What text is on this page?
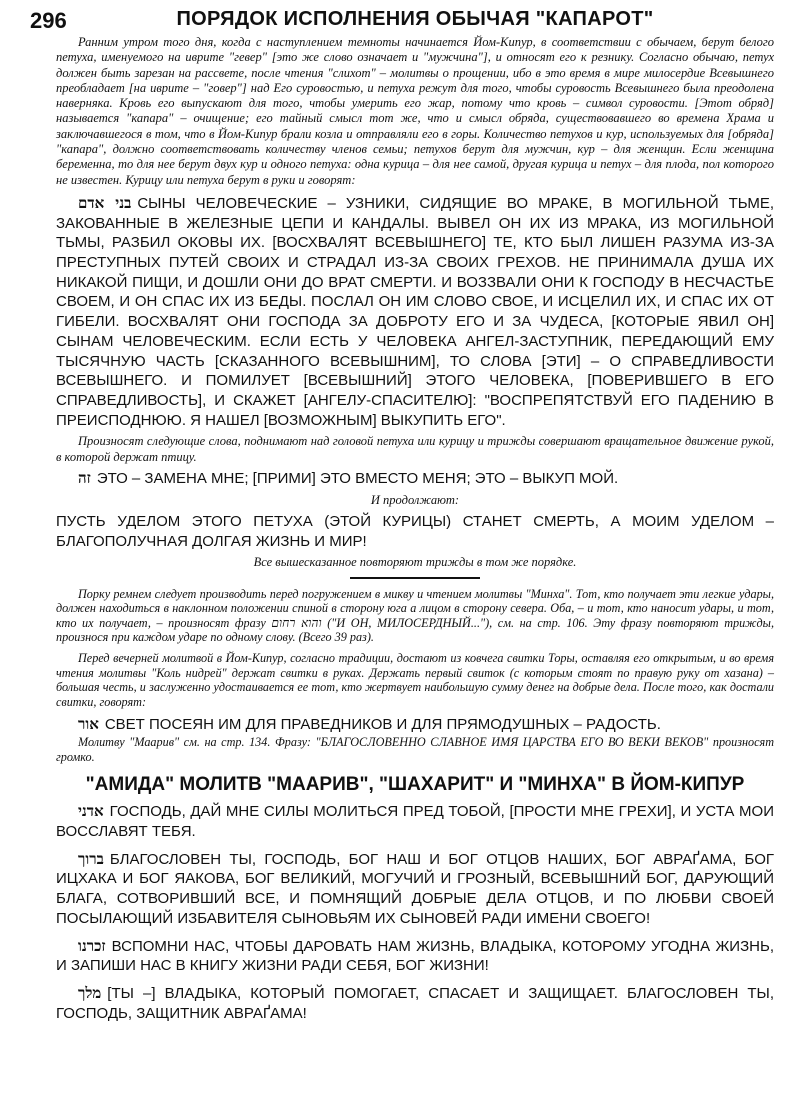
296	ПОРЯДОК ИСПОЛНЕНИЯ ОБЫЧАЯ "КАПАРОТ"

Ранним утром того дня, когда с наступлением темноты начинается Йом-Кипур, в соответствии с обычаем, берут белого петуха, именуемого на иврите "гевер" [это же слово означает и "мужчина"], и относят его к резнику. Согласно обычаю, петух должен быть зарезан на рассвете, после чтения "слихот" – молитвы о прощении, ибо в это время в мире милосердие Всевышнего преобладает [на иврите – "говер"] над Его суровостью, и петуха режут для того, чтобы суровость Всевышнего была преодолена наверняка. Кровь его выпускают для того, чтобы умерить его жар, потому что кровь – символ суровости. [Этот обряд] называется "капара" – очищение; его тайный смысл тот же, что и смысл обряда, существовавшего во времена Храма и заключавшегося в том, что в Йом-Кипур брали козла и отправляли его в горы. Количество петухов и кур, используемых для [обряда] "капара", должно соответствовать количеству членов семьи; петухов берут для мужчин, кур – для женщин. Если женщина беременна, то для нее берут двух кур и одного петуха: одна курица – для нее самой, другая курица и петух – для плода, пол которого не известен. Курицу или петуха берут в руки и говорят:

בני אדם СЫНЫ ЧЕЛОВЕЧЕСКИЕ – УЗНИКИ, СИДЯЩИЕ ВО МРАКЕ, В МОГИЛЬНОЙ ТЬМЕ, ЗАКОВАННЫЕ В ЖЕЛЕЗНЫЕ ЦЕПИ И КАНДАЛЫ. ВЫВЕЛ ОН ИХ ИЗ МРАКА, ИЗ МОГИЛЬНОЙ ТЬМЫ, РАЗБИЛ ОКОВЫ ИХ. [ВОСХВАЛЯТ ВСЕВЫШНЕГО] ТЕ, КТО БЫЛ ЛИШЕН РАЗУМА ИЗ-ЗА ПРЕСТУПНЫХ ПУТЕЙ СВОИХ И СТРАДАЛ ИЗ-ЗА СВОИХ ГРЕХОВ. НЕ ПРИНИМАЛА ДУША ИХ НИКАКОЙ ПИЩИ, И ДОШЛИ ОНИ ДО ВРАТ СМЕРТИ. И ВОЗЗВАЛИ ОНИ К ГОСПОДУ В НЕСЧАСТЬЕ СВОЕМ, И ОН СПАС ИХ ИЗ БЕДЫ. ПОСЛАЛ ОН ИМ СЛОВО СВОЕ, И ИСЦЕЛИЛ ИХ, И СПАС ИХ ОТ ГИБЕЛИ. ВОСХВАЛЯТ ОНИ ГОСПОДА ЗА ДОБРОТУ ЕГО И ЗА ЧУДЕСА, [КОТОРЫЕ ЯВИЛ ОН] СЫНАМ ЧЕЛОВЕЧЕСКИМ. ЕСЛИ ЕСТЬ У ЧЕЛОВЕКА АНГЕЛ-ЗАСТУПНИК, ПЕРЕДАЮЩИЙ ЕМУ ТЫСЯЧНУЮ ЧАСТЬ [СКАЗАННОГО ВСЕВЫШНИМ], ТО СЛОВА [ЭТИ] – О СПРАВЕДЛИВОСТИ ВСЕВЫШНЕГО. И ПОМИЛУЕТ [ВСЕВЫШНИЙ] ЭТОГО ЧЕЛОВЕКА, [ПОВЕРИВШЕГО В ЕГО СПРАВЕДЛИВОСТЬ], И СКАЖЕТ [АНГЕЛУ-СПАСИТЕЛЮ]: "ВОСПРЕПЯТСТВУЙ ЕГО ПАДЕНИЮ В ПРЕИСПОДНЮЮ. Я НАШЕЛ [ВОЗМОЖНЫМ] ВЫКУПИТЬ ЕГО".

Произносят следующие слова, поднимают над головой петуха или курицу и трижды совершают вращательное движение рукой, в которой держат птицу.

זה ЭТО – ЗАМЕНА МНЕ; [ПРИМИ] ЭТО ВМЕСТО МЕНЯ; ЭТО – ВЫКУП МОЙ.

И продолжают:

ПУСТЬ УДЕЛОМ ЭТОГО ПЕТУХА (ЭТОЙ КУРИЦЫ) СТАНЕТ СМЕРТЬ, А МОИМ УДЕЛОМ – БЛАГОПОЛУЧНАЯ ДОЛГАЯ ЖИЗНЬ И МИР!

Все вышесказанное повторяют трижды в том же порядке.

Порку ремнем следует производить перед погружением в микву и чтением молитвы "Минха". Тот, кто получает эти легкие удары, должен находиться в наклонном положении спиной в сторону юга а лицом в сторону севера. Оба, – и тот, кто наносит удары, и тот, кто их получает, – произносят фразу והוא רחום ("И ОН, МИЛОСЕРДНЫЙ..."), см. на стр. 106. Эту фразу повторяют трижды, произнося при каждом ударе по одному слову. (Всего 39 раз).

Перед вечерней молитвой в Йом-Кипур, согласно традиции, достают из ковчега свитки Торы, оставляя его открытым, и во время чтения молитвы "Коль нидрей" держат свитки в руках. Держать первый свиток (с которым стоят по правую руку от хазана) – большая честь, и заслуженно удостаивается ее тот, кто жертвует наибольшую сумму денег на добрые дела. После того, как достали свитки, говорят:

אור СВЕТ ПОСЕЯН ИМ ДЛЯ ПРАВЕДНИКОВ И ДЛЯ ПРЯМОДУШНЫХ – РАДОСТЬ.

Молитву "Маарив" см. на стр. 134. Фразу: "БЛАГОСЛОВЕННО СЛАВНОЕ ИМЯ ЦАРСТВА ЕГО ВО ВЕКИ ВЕКОВ" произносят громко.

"АМИДА" МОЛИТВ "МААРИВ", "ШАХАРИТ" И "МИНХА" В ЙОМ-КИПУР

אדני ГОСПОДЬ, ДАЙ МНЕ СИЛЫ МОЛИТЬСЯ ПРЕД ТОБОЙ, [ПРОСТИ МНЕ ГРЕХИ], И УСТА МОИ ВОССЛАВЯТ ТЕБЯ.

ברוך БЛАГОСЛОВЕН ТЫ, ГОСПОДЬ, БОГ НАШ И БОГ ОТЦОВ НАШИХ, БОГ АВРАҐАМА, БОГ ИЦХАКА И БОГ ЯАКОВА, БОГ ВЕЛИКИЙ, МОГУЧИЙ И ГРОЗНЫЙ, ВСЕВЫШНИЙ БОГ, ДАРУЮЩИЙ БЛАГА, СОТВОРИВШИЙ ВСЕ, И ПОМНЯЩИЙ ДОБРЫЕ ДЕЛА ОТЦОВ, И ПО ЛЮБВИ СВОЕЙ ПОСЫЛАЮЩИЙ ИЗБАВИТЕЛЯ СЫНОВЬЯМ ИХ СЫНОВЕЙ РАДИ ИМЕНИ СВОЕГО!

זכרנו ВСПОМНИ НАС, ЧТОБЫ ДАРОВАТЬ НАМ ЖИЗНЬ, ВЛАДЫКА, КОТОРОМУ УГОДНА ЖИЗНЬ, И ЗАПИШИ НАС В КНИГУ ЖИЗНИ РАДИ СЕБЯ, БОГ ЖИЗНИ!

מלך [ТЫ –] ВЛАДЫКА, КОТОРЫЙ ПОМОГАЕТ, СПАСАЕТ И ЗАЩИЩАЕТ. БЛАГОСЛОВЕН ТЫ, ГОСПОДЬ, ЗАЩИТНИК АВРАҐАМА!
